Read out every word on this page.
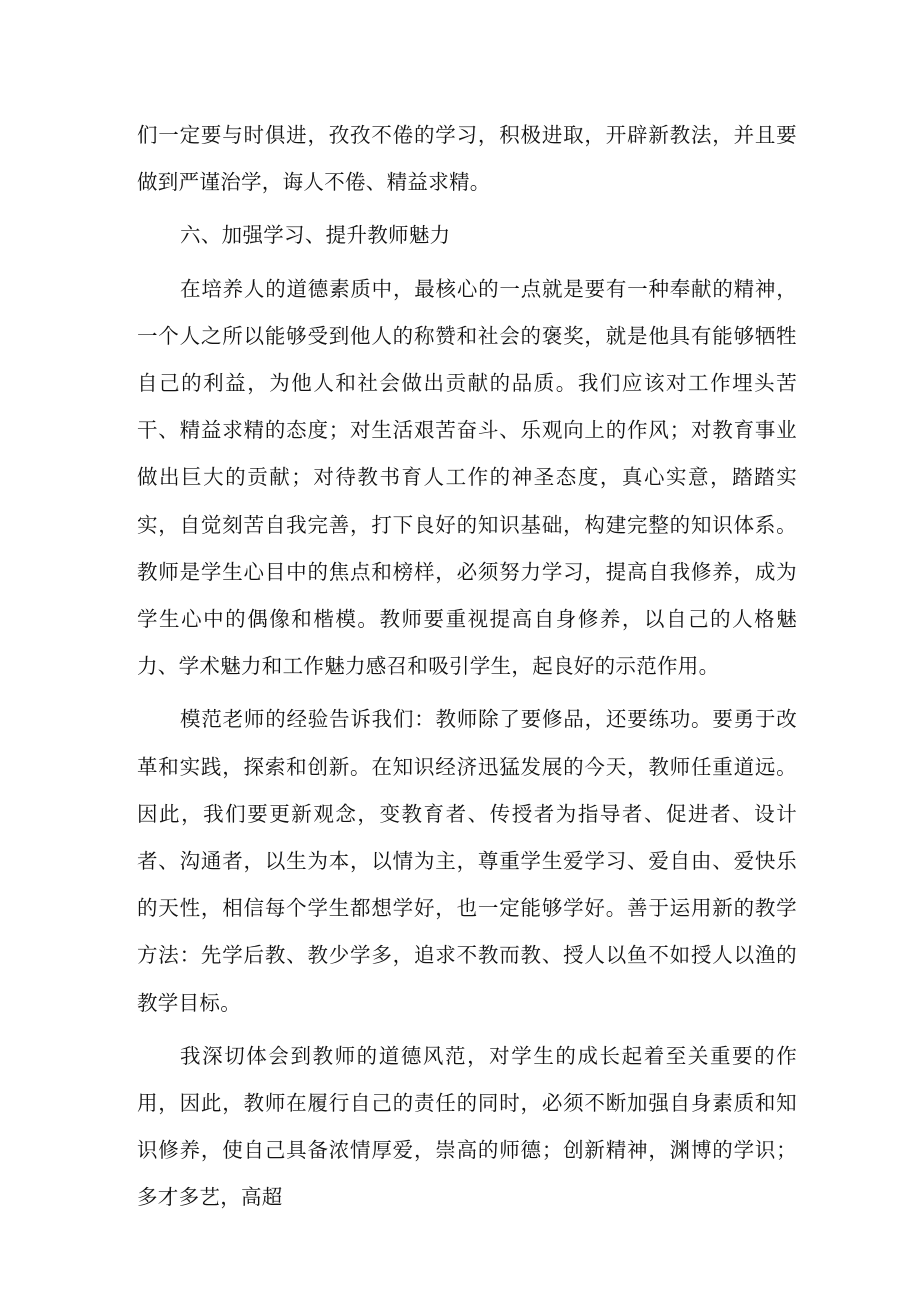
们一定要与时俱进，孜孜不倦的学习，积极进取，开辟新教法，并且要做到严谨治学，诲人不倦、精益求精。

六、加强学习、提升教师魅力

在培养人的道德素质中，最核心的一点就是要有一种奉献的精神，一个人之所以能够受到他人的称赞和社会的褒奖，就是他具有能够牺牲自己的利益，为他人和社会做出贡献的品质。我们应该对工作埋头苦干、精益求精的态度；对生活艰苦奋斗、乐观向上的作风；对教育事业做出巨大的贡献；对待教书育人工作的神圣态度，真心实意，踏踏实实，自觉刻苦自我完善，打下良好的知识基础，构建完整的知识体系。教师是学生心目中的焦点和榜样，必须努力学习，提高自我修养，成为学生心中的偶像和楷模。教师要重视提高自身修养，以自己的人格魅力、学术魅力和工作魅力感召和吸引学生，起良好的示范作用。

模范老师的经验告诉我们：教师除了要修品，还要练功。要勇于改革和实践，探索和创新。在知识经济迅猛发展的今天，教师任重道远。因此，我们要更新观念，变教育者、传授者为指导者、促进者、设计者、沟通者，以生为本，以情为主，尊重学生爱学习、爱自由、爱快乐的天性，相信每个学生都想学好，也一定能够学好。善于运用新的教学方法：先学后教、教少学多，追求不教而教、授人以鱼不如授人以渔的教学目标。

我深切体会到教师的道德风范，对学生的成长起着至关重要的作用，因此，教师在履行自己的责任的同时，必须不断加强自身素质和知识修养，使自己具备浓情厚爱，崇高的师德；创新精神，渊博的学识；多才多艺，高超
